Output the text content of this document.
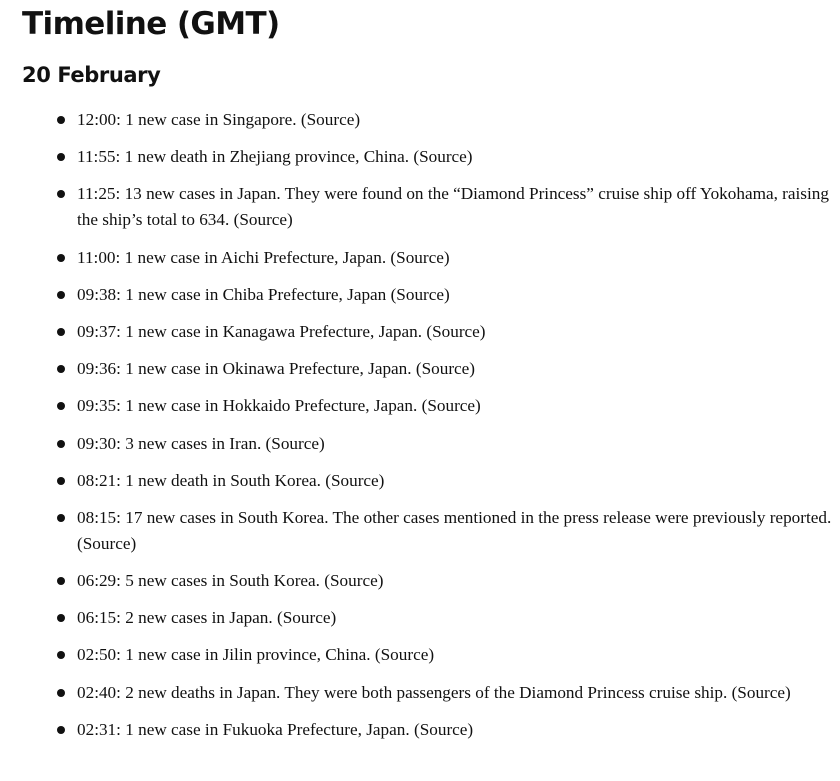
Timeline (GMT)
20 February
12:00: 1 new case in Singapore. (Source)
11:55: 1 new death in Zhejiang province, China. (Source)
11:25: 13 new cases in Japan. They were found on the “Diamond Princess” cruise ship off Yokohama, raising the ship’s total to 634. (Source)
11:00: 1 new case in Aichi Prefecture, Japan. (Source)
09:38: 1 new case in Chiba Prefecture, Japan (Source)
09:37: 1 new case in Kanagawa Prefecture, Japan. (Source)
09:36: 1 new case in Okinawa Prefecture, Japan. (Source)
09:35: 1 new case in Hokkaido Prefecture, Japan. (Source)
09:30: 3 new cases in Iran. (Source)
08:21: 1 new death in South Korea. (Source)
08:15: 17 new cases in South Korea. The other cases mentioned in the press release were previously reported. (Source)
06:29: 5 new cases in South Korea. (Source)
06:15: 2 new cases in Japan. (Source)
02:50: 1 new case in Jilin province, China. (Source)
02:40: 2 new deaths in Japan. They were both passengers of the Diamond Princess cruise ship. (Source)
02:31: 1 new case in Fukuoka Prefecture, Japan. (Source)
